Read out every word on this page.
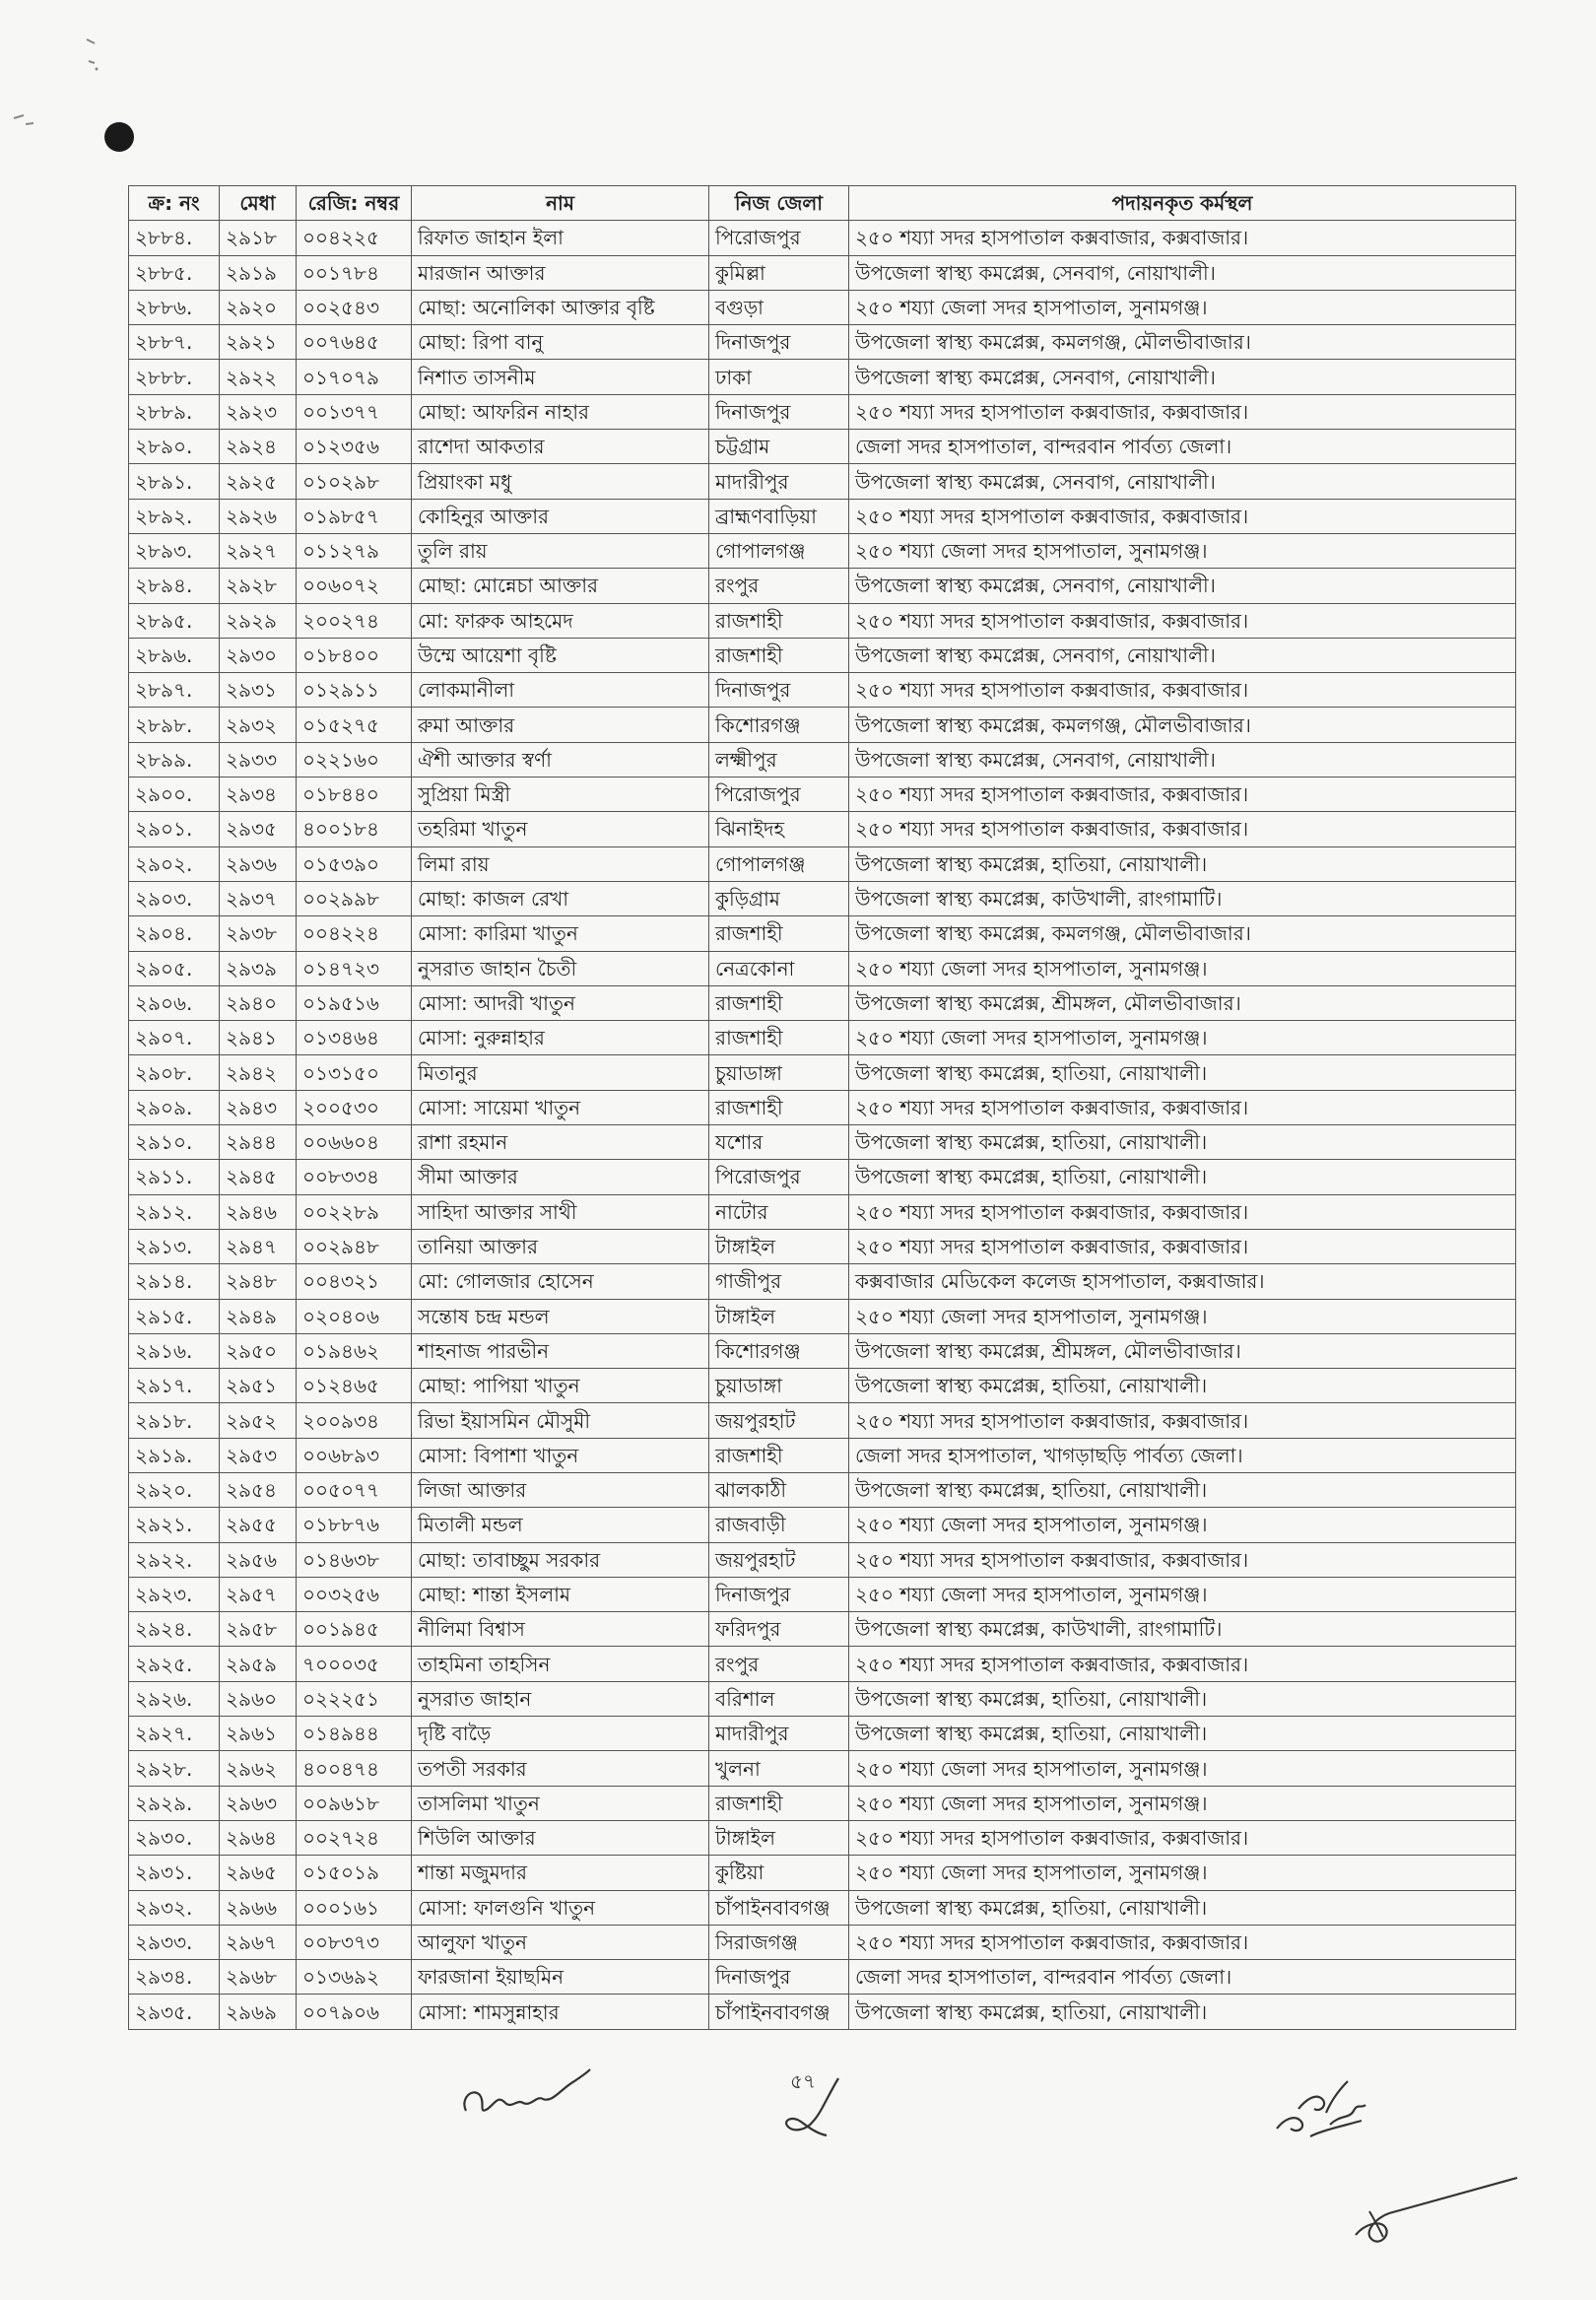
ক্র: নং	মেধা	রেজি: নম্বর	নাম	নিজ জেলা	পদায়নকৃত কর্মস্থল
২৮৮৪.	২৯১৮	০০৪২২৫	রিফাত জাহান ইলা	পিরোজপুর	২৫০ শয্যা সদর হাসপাতাল কক্সবাজার, কক্সবাজার।
২৮৮৫.	২৯১৯	০০১৭৮৪	মারজান আক্তার	কুমিল্লা	উপজেলা স্বাস্থ্য কমপ্লেক্স, সেনবাগ, নোয়াখালী।
২৮৮৬.	২৯২০	০০২৫৪৩	মোছা: অনোলিকা আক্তার বৃষ্টি	বগুড়া	২৫০ শয্যা জেলা সদর হাসপাতাল, সুনামগঞ্জ।
২৮৮৭.	২৯২১	০০৭৬৪৫	মোছা: রিপা বানু	দিনাজপুর	উপজেলা স্বাস্থ্য কমপ্লেক্স, কমলগঞ্জ, মৌলভীবাজার।
২৮৮৮.	২৯২২	০১৭০৭৯	নিশাত তাসনীম	ঢাকা	উপজেলা স্বাস্থ্য কমপ্লেক্স, সেনবাগ, নোয়াখালী।
২৮৮৯.	২৯২৩	০০১৩৭৭	মোছা: আফরিন নাহার	দিনাজপুর	২৫০ শয্যা সদর হাসপাতাল কক্সবাজার, কক্সবাজার।
২৮৯০.	২৯২৪	০১২৩৫৬	রাশেদা আকতার	চট্টগ্রাম	জেলা সদর হাসপাতাল, বান্দরবান পার্বত্য জেলা।
২৮৯১.	২৯২৫	০১০২৯৮	প্রিয়াংকা মধু	মাদারীপুর	উপজেলা স্বাস্থ্য কমপ্লেক্স, সেনবাগ, নোয়াখালী।
২৮৯২.	২৯২৬	০১৯৮৫৭	কোহিনুর আক্তার	ব্রাহ্মণবাড়িয়া	২৫০ শয্যা সদর হাসপাতাল কক্সবাজার, কক্সবাজার।
২৮৯৩.	২৯২৭	০১১২৭৯	তুলি রায়	গোপালগঞ্জ	২৫০ শয্যা জেলা সদর হাসপাতাল, সুনামগঞ্জ।
২৮৯৪.	২৯২৮	০০৬০৭২	মোছা: মোন্নেচা আক্তার	রংপুর	উপজেলা স্বাস্থ্য কমপ্লেক্স, সেনবাগ, নোয়াখালী।
২৮৯৫.	২৯২৯	২০০২৭৪	মো: ফারুক আহমেদ	রাজশাহী	২৫০ শয্যা সদর হাসপাতাল কক্সবাজার, কক্সবাজার।
২৮৯৬.	২৯৩০	০১৮৪০০	উম্মে আয়েশা বৃষ্টি	রাজশাহী	উপজেলা স্বাস্থ্য কমপ্লেক্স, সেনবাগ, নোয়াখালী।
২৮৯৭.	২৯৩১	০১২৯১১	লোকমানীলা	দিনাজপুর	২৫০ শয্যা সদর হাসপাতাল কক্সবাজার, কক্সবাজার।
২৮৯৮.	২৯৩২	০১৫২৭৫	রুমা আক্তার	কিশোরগঞ্জ	উপজেলা স্বাস্থ্য কমপ্লেক্স, কমলগঞ্জ, মৌলভীবাজার।
২৮৯৯.	২৯৩৩	০২২১৬০	ঐশী আক্তার স্বর্ণা	লক্ষ্মীপুর	উপজেলা স্বাস্থ্য কমপ্লেক্স, সেনবাগ, নোয়াখালী।
২৯০০.	২৯৩৪	০১৮৪৪০	সুপ্রিয়া মিস্ত্রী	পিরোজপুর	২৫০ শয্যা সদর হাসপাতাল কক্সবাজার, কক্সবাজার।
২৯০১.	২৯৩৫	৪০০১৮৪	তহরিমা খাতুন	ঝিনাইদহ	২৫০ শয্যা সদর হাসপাতাল কক্সবাজার, কক্সবাজার।
২৯০২.	২৯৩৬	০১৫৩৯০	লিমা রায়	গোপালগঞ্জ	উপজেলা স্বাস্থ্য কমপ্লেক্স, হাতিয়া, নোয়াখালী।
২৯০৩.	২৯৩৭	০০২৯৯৮	মোছা: কাজল রেখা	কুড়িগ্রাম	উপজেলা স্বাস্থ্য কমপ্লেক্স, কাউখালী, রাংগামাটি।
২৯০৪.	২৯৩৮	০০৪২২৪	মোসা: কারিমা খাতুন	রাজশাহী	উপজেলা স্বাস্থ্য কমপ্লেক্স, কমলগঞ্জ, মৌলভীবাজার।
২৯০৫.	২৯৩৯	০১৪৭২৩	নুসরাত জাহান চৈতী	নেত্রকোনা	২৫০ শয্যা জেলা সদর হাসপাতাল, সুনামগঞ্জ।
২৯০৬.	২৯৪০	০১৯৫১৬	মোসা: আদরী খাতুন	রাজশাহী	উপজেলা স্বাস্থ্য কমপ্লেক্স, শ্রীমঙ্গল, মৌলভীবাজার।
২৯০৭.	২৯৪১	০১৩৪৬৪	মোসা: নুরুন্নাহার	রাজশাহী	২৫০ শয্যা জেলা সদর হাসপাতাল, সুনামগঞ্জ।
২৯০৮.	২৯৪২	০১৩১৫০	মিতানুর	চুয়াডাঙ্গা	উপজেলা স্বাস্থ্য কমপ্লেক্স, হাতিয়া, নোয়াখালী।
২৯০৯.	২৯৪৩	২০০৫৩০	মোসা: সায়েমা খাতুন	রাজশাহী	২৫০ শয্যা সদর হাসপাতাল কক্সবাজার, কক্সবাজার।
২৯১০.	২৯৪৪	০০৬৬০৪	রাশা রহমান	যশোর	উপজেলা স্বাস্থ্য কমপ্লেক্স, হাতিয়া, নোয়াখালী।
২৯১১.	২৯৪৫	০০৮৩৩৪	সীমা আক্তার	পিরোজপুর	উপজেলা স্বাস্থ্য কমপ্লেক্স, হাতিয়া, নোয়াখালী।
২৯১২.	২৯৪৬	০০২২৮৯	সাহিদা আক্তার সাথী	নাটোর	২৫০ শয্যা সদর হাসপাতাল কক্সবাজার, কক্সবাজার।
২৯১৩.	২৯৪৭	০০২৯৪৮	তানিয়া আক্তার	টাঙ্গাইল	২৫০ শয্যা সদর হাসপাতাল কক্সবাজার, কক্সবাজার।
২৯১৪.	২৯৪৮	০০৪৩২১	মো: গোলজার হোসেন	গাজীপুর	কক্সবাজার মেডিকেল কলেজ হাসপাতাল, কক্সবাজার।
২৯১৫.	২৯৪৯	০২০৪০৬	সন্তোষ চন্দ্র মন্ডল	টাঙ্গাইল	২৫০ শয্যা জেলা সদর হাসপাতাল, সুনামগঞ্জ।
২৯১৬.	২৯৫০	০১৯৪৬২	শাহনাজ পারভীন	কিশোরগঞ্জ	উপজেলা স্বাস্থ্য কমপ্লেক্স, শ্রীমঙ্গল, মৌলভীবাজার।
২৯১৭.	২৯৫১	০১২৪৬৫	মোছা: পাপিয়া খাতুন	চুয়াডাঙ্গা	উপজেলা স্বাস্থ্য কমপ্লেক্স, হাতিয়া, নোয়াখালী।
২৯১৮.	২৯৫২	২০০৯৩৪	রিভা ইয়াসমিন মৌসুমী	জয়পুরহাট	২৫০ শয্যা সদর হাসপাতাল কক্সবাজার, কক্সবাজার।
২৯১৯.	২৯৫৩	০০৬৮৯৩	মোসা: বিপাশা খাতুন	রাজশাহী	জেলা সদর হাসপাতাল, খাগড়াছড়ি পার্বত্য জেলা।
২৯২০.	২৯৫৪	০০৫০৭৭	লিজা আক্তার	ঝালকাঠী	উপজেলা স্বাস্থ্য কমপ্লেক্স, হাতিয়া, নোয়াখালী।
২৯২১.	২৯৫৫	০১৮৮৭৬	মিতালী মন্ডল	রাজবাড়ী	২৫০ শয্যা জেলা সদর হাসপাতাল, সুনামগঞ্জ।
২৯২২.	২৯৫৬	০১৪৬৩৮	মোছা: তাবাচ্ছুম সরকার	জয়পুরহাট	২৫০ শয্যা সদর হাসপাতাল কক্সবাজার, কক্সবাজার।
২৯২৩.	২৯৫৭	০০৩২৫৬	মোছা: শান্তা ইসলাম	দিনাজপুর	২৫০ শয্যা জেলা সদর হাসপাতাল, সুনামগঞ্জ।
২৯২৪.	২৯৫৮	০০১৯৪৫	নীলিমা বিশ্বাস	ফরিদপুর	উপজেলা স্বাস্থ্য কমপ্লেক্স, কাউখালী, রাংগামাটি।
২৯২৫.	২৯৫৯	৭০০০৩৫	তাহমিনা তাহসিন	রংপুর	২৫০ শয্যা সদর হাসপাতাল কক্সবাজার, কক্সবাজার।
২৯২৬.	২৯৬০	০২২২৫১	নুসরাত জাহান	বরিশাল	উপজেলা স্বাস্থ্য কমপ্লেক্স, হাতিয়া, নোয়াখালী।
২৯২৭.	২৯৬১	০১৪৯৪৪	দৃষ্টি বাড়ৈ	মাদারীপুর	উপজেলা স্বাস্থ্য কমপ্লেক্স, হাতিয়া, নোয়াখালী।
২৯২৮.	২৯৬২	৪০০৪৭৪	তপতী সরকার	খুলনা	২৫০ শয্যা জেলা সদর হাসপাতাল, সুনামগঞ্জ।
২৯২৯.	২৯৬৩	০০৯৬১৮	তাসলিমা খাতুন	রাজশাহী	২৫০ শয্যা জেলা সদর হাসপাতাল, সুনামগঞ্জ।
২৯৩০.	২৯৬৪	০০২৭২৪	শিউলি আক্তার	টাঙ্গাইল	২৫০ শয্যা সদর হাসপাতাল কক্সবাজার, কক্সবাজার।
২৯৩১.	২৯৬৫	০১৫০১৯	শান্তা মজুমদার	কুষ্টিয়া	২৫০ শয্যা জেলা সদর হাসপাতাল, সুনামগঞ্জ।
২৯৩২.	২৯৬৬	০০০১৬১	মোসা: ফালগুনি খাতুন	চাঁপাইনবাবগঞ্জ	উপজেলা স্বাস্থ্য কমপ্লেক্স, হাতিয়া, নোয়াখালী।
২৯৩৩.	২৯৬৭	০০৮৩৭৩	আলুফা খাতুন	সিরাজগঞ্জ	২৫০ শয্যা সদর হাসপাতাল কক্সবাজার, কক্সবাজার।
২৯৩৪.	২৯৬৮	০১৩৬৯২	ফারজানা ইয়াছমিন	দিনাজপুর	জেলা সদর হাসপাতাল, বান্দরবান পার্বত্য জেলা।
২৯৩৫.	২৯৬৯	০০৭৯০৬	মোসা: শামসুন্নাহার	চাঁপাইনবাবগঞ্জ	উপজেলা স্বাস্থ্য কমপ্লেক্স, হাতিয়া, নোয়াখালী।
৫৭
